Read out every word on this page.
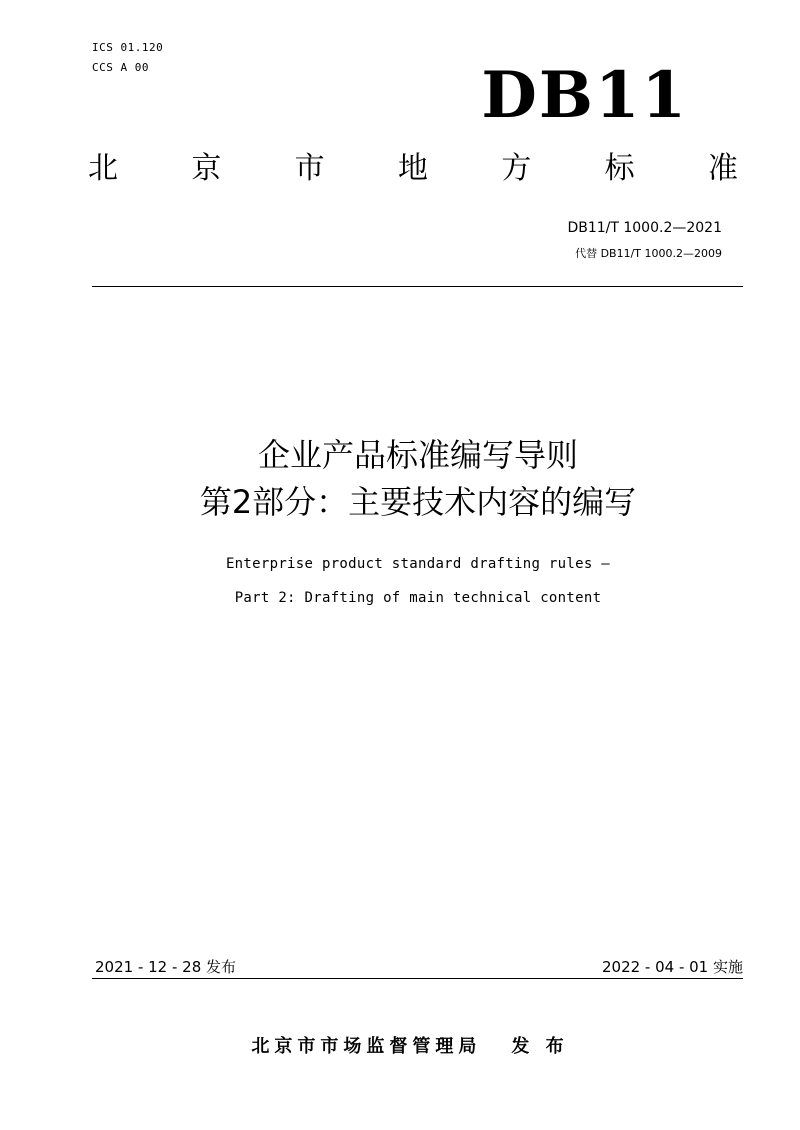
ICS 01.120
CCS A 00	DB11
北 京 市 地 方 标 准
DB11/T 1000.2—2021
代替 DB11/T 1000.2—2009
企业产品标准编写导则
第2部分：主要技术内容的编写
Enterprise product standard drafting rules —
Part 2: Drafting of main technical content
2021 - 12 - 28 发布	2022 - 04 - 01 实施
北京市市场监督管理局 发 布
